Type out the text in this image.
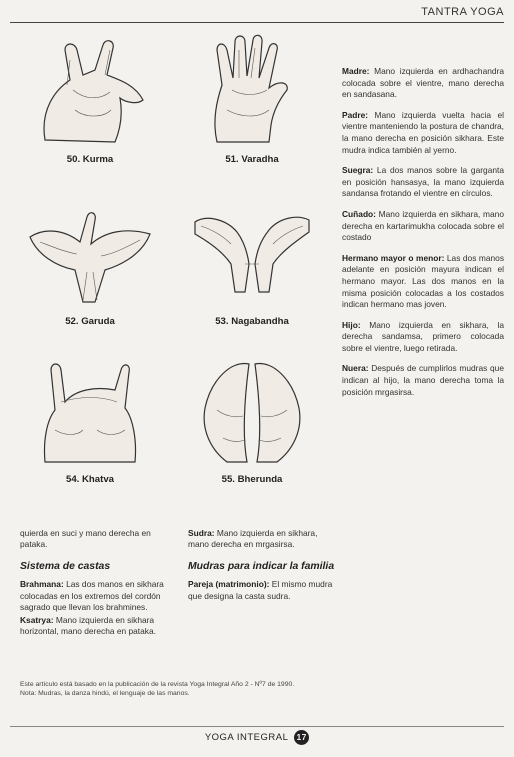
TANTRA YOGA
50. Kurma	51. Varadha
52. Garuda	53. Nagabandha
54. Khatva	55. Bherunda

Madre: Mano izquierda en ardhachandra colocada sobre el vientre, mano derecha en sandasana.

Padre: Mano izquierda vuelta hacia el vientre manteniendo la postura de chandra, la mano derecha en posición sikhara. Este mudra indica también al yerno.

Suegra: La dos manos sobre la garganta en posición hansasya, la mano izquierda sandansa frotando el vientre en círculos.

Cuñado: Mano izquierda en sikhara, mano derecha en kartarimukha colocada sobre el costado

Hermano mayor o menor: Las dos manos adelante en posición mayura indican el hermano mayor. Las dos manos en la misma posición colocadas a los costados indican hermano mas joven.

Hijo: Mano izquierda en sikhara, la derecha sandamsa, primero colocada sobre el vientre, luego retirada.

Nuera: Después de cumplirlos mudras que indican al hijo, la mano derecha toma la posición mrgasirsa.

quierda en suci y mano derecha en pataka.

Sistema de castas

Brahmana: Las dos manos en sikhara colocadas en los extremos del cordón sagrado que llevan los brahmines.

Ksatrya: Mano izquierda en sikhara horizontal, mano derecha en pataka.

Sudra: Mano izquierda en sikhara, mano derecha en mrgasirsa.

Mudras para indicar la familia

Pareja (matrimonio): El mismo mudra que designa la casta sudra.

Este artículo está basado en la publicación de la revista Yoga Integral Año 2 - Nº7 de 1990.
Nota: Mudras, la danza hindú, el lenguaje de las manos.
YOGA INTEGRAL 17
